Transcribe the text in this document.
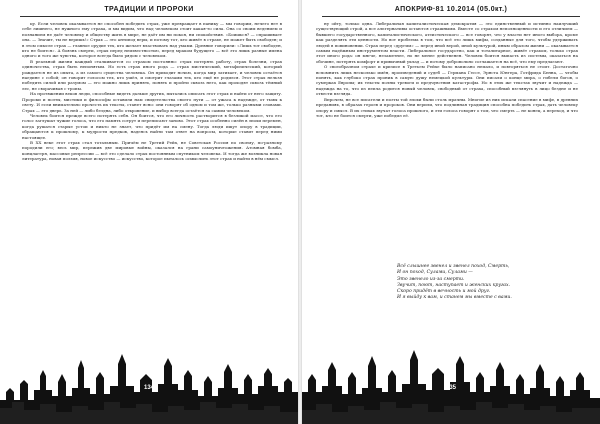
ТРАДИЦИИ И ПРОРОКИ

цу. Если человек оказывается не способен победить страх, уже превращает в панику — мы говорим, нечего нет в себе лишнего, не нужного ему страха, и мы видим, что над человеком стоит какая-то сила. Она со своим ведением и познанием не даёт человеку и обществу жить в мире, не даёт им ни покоя, ни спокойствия. «Боишься? — спрашивает она. — Значит, ты не веришь!» Страх — это антипод веры, и потому тот, кто живёт в страхе, не может быть свободен; и в этом смысле страх — главное орудие тех, кто желает властвовать над умами. Древние говорили: «Лишь тот свободен, кто не боится». А боязнь смерти, страх перед неизвестностью, перед мраком будущего — всё это лишь разные имена одного и того же чувства, которое всегда было рядом с человеком.

В реальной жизни каждый сталкивается со страхом постоянно: страх потерять работу, страх болезни, страх одиночества, страх быть непонятым. Но есть страх иного рода — страх мистический, метафизический, который рождается не из опыта, а из самого существа человека. Он приходит ночью, когда мир затихает, и человек остаётся наедине с собой; он говорит голосом тех, кто ушёл, и смотрит глазами тех, кто ещё не родился. Этот страх нельзя победить силой или разумом — его можно лишь принять, понять и пройти сквозь него, как проходят сквозь тёмный лес, не сворачивая с тропы.

На протяжении веков люди, способные видеть дальше других, пытались описать этот страх и найти от него защиту. Пророки и поэты, мистики и философы оставили нам свидетельства своего пути — от ужаса к надежде, от тьмы к свету. И если внимательно прочесть их тексты, станет ясно: они говорят об одном и том же, только разными словами. Страх — это дверь. За ней — либо бездна, либо откровение, и выбор всегда остаётся за самим человеком.

Человек боится прежде всего потерять себя. Он боится, что его личность растворится в безликой массе, что его голос заглушат чужие голоса, что его память сотрут и переписают заново. Этот страх особенно силён в эпохи перемен, когда рушатся старые устои и никто не знает, что придёт им на смену. Тогда люди ищут опору в традиции, обращаются к прошлому, к мудрости предков, надеясь найти там ответ на вопросы, которые ставит перед ними настоящее.

В XX веке этот страх стал тотальным. Причём не Третий Рейх, не Советская Россия по своему, по-разному породили его; весь мир, пережив две мировые войны, оказался на грани самоуничтожения. Атомная бомба, концлагеря, массовые репрессии — всё это сделало страх постоянным спутником человека. И тогда же возникла новая литература, новая поэзия, новое искусство — искусство, которое пыталось осмыслить этот страх и найти в нём смысл.

134
АПОКРИФ·81 10.2014 (05.0кт.)

ну ойту, только одна. Либеральная капиталистическая демократия — это единственный и истинно наилучший существующий строй, а все альтернативы остаются страшными. Вместе со страхом неполноценности и его отличием — бывшего государственного, капиталистического, атеистического — все говорят, что у власти нет иного выбора, кроме как разделять эти ценности. Но вот проблема в том, что всё это лишь мифы, созданные для того, чтобы удерживать людей в повиновении. Страх перед «другим» — перед иной верой, иной культурой, иным образом жизни — оказывается самым надёжным инструментом власти. Либеральное государство, как и тоталитарное, живёт страхом, только страх этот иного рода: он мягче, незаметнее, но не менее действенен. Человек боится выпасть из системы, оказаться на обочине, потерять комфорт и привычный уклад — и потому добровольно соглашается на всё, что ему предлагают.

О своеобразном страхе и кризисе в Третьем Рейхе было написано немало, и повторяться не стоит. Достаточно вспомнить лишь несколько имён, произведений и судеб — Германа Гессе, Эрнста Юнгера, Готфрида Бенна, — чтобы понять, как глубоко страх проник в самую душу немецкой культуры. Они писали о конце мира, о гибели богов, о сумерках Европы; их тексты полны тревоги и предчувствия катастрофы. Но в этих же текстах звучит и надежда — надежда на то, что из пепла родится новый человек, свободный от страха, способный взглянуть в лицо бездне и не отвести взгляда.

Впрочем, не все писатели и поэты той эпохи были столь мрачны. Многие из них искали спасение в мифе, в древних преданиях, в образах героев и пророков. Они верили, что подлинная традиция способна победить страх, дать человеку опору и смысл. В их стихах звучат голоса прошлого, и эти голоса говорят о том, что смерть — не конец, а переход, и что тот, кто не боится смерти, уже победил её.

Всё слышнее звенел и звенел поход, Смерть,
И он поход, Сулами, Сулами —
Это звенело из-за смерти.
Звучит, поют, наступает и женских кругах.
Скоро придёт в вечность и мой друг.
И я выйду к вам, и станем мы вместе с вами.
135
